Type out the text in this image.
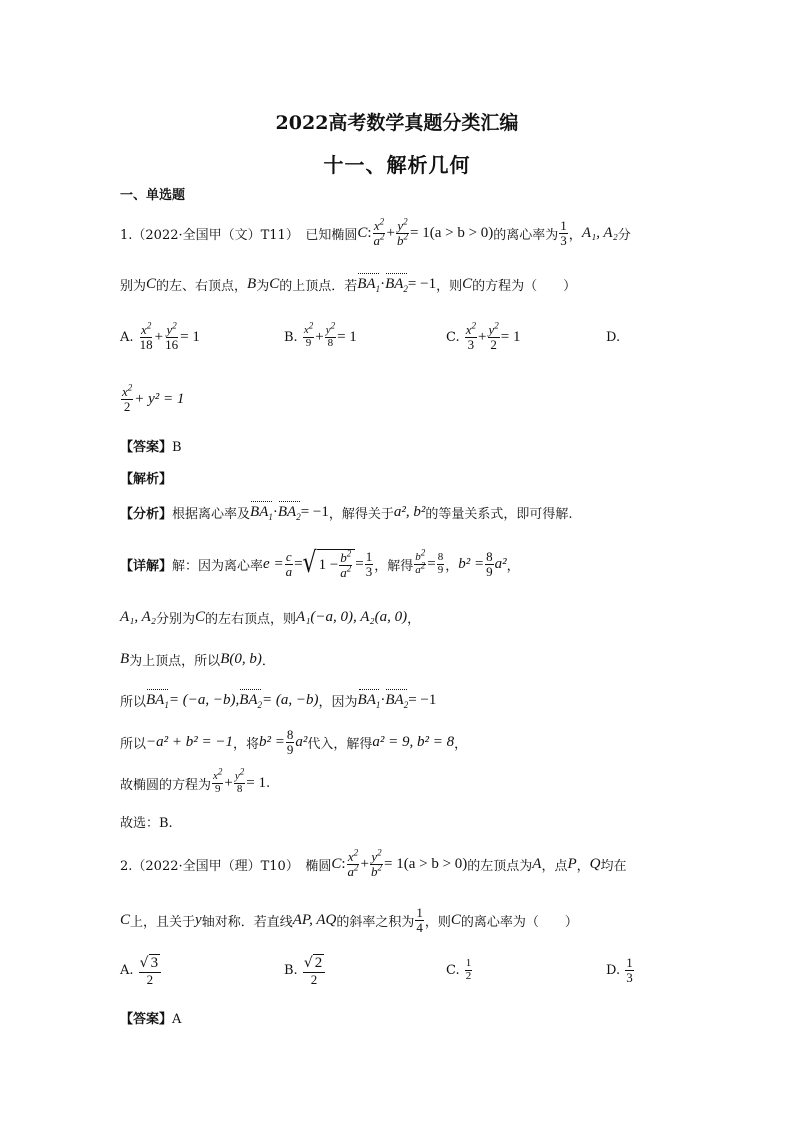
2022高考数学真题分类汇编
十一、解析几何
一、单选题
1.（2022·全国甲（文）T11）　已知椭圆 C : $\frac{x^2}{a^2} + \frac{y^2}{b^2} = 1(a > b > 0)$ 的离心率为 $\frac{1}{3}$ ， A₁, A₂ 分
别为 C 的左、右顶点， B 为 C 的上顶点．若 $BA_1 \cdot BA_2 = -1$ ，则 C 的方程为（　　）
A.
$\frac{x^2}{18} + \frac{y^2}{16} = 1$	B.
$\frac{x^2}{9} + \frac{y^2}{8} = 1$	C.
$\frac{x^2}{3} + \frac{y^2}{2} = 1$	D.
$\frac{x^2}{2} + y^2 = 1$
【答案】B
【解析】
【分析】 根据离心率及 $BA_1 \cdot BA_2 = -1$ ，解得关于 a², b² 的等量关系式，即可得解.
【详解】 解：因为离心率 $e = \frac{c}{a}$ = √ $1 - \frac{b^2}{a^2} = \frac{1}{3}$ ，解得 $\frac{b^2}{a^2} = \frac{8}{9}$ ， $b^2 = \frac{8}{9} a^2$ ，
A₁, A₂ 分别为 C 的左右顶点，则 A₁(−a, 0), A₂(a, 0) ，
B 为上顶点，所以 B(0, b) ．
所以 $BA_1 = (-a$, −b), $BA_2 = (a$, −b) ，因为 $BA_1 \cdot BA_2 = -1$
所以 −a² + b² = −1 ，将 $b^2 = \frac{8}{9} a^2$ 代入，解得 a² = 9, b² = 8 ，
故椭圆的方程为 $\frac{x^2}{9} + \frac{y^2}{8} = 1$ .
故选：B.
2.（2022·全国甲（理）T10）　椭圆 C : $\frac{x^2}{a^2} + \frac{y^2}{b^2} = 1(a > b > 0)$ 的左顶点为 A ，点 P ， Q 均在
C 上，且关于 y 轴对称．若直线 AP, AQ 的斜率之积为 $\frac{1}{4}$ ，则 C 的离心率为（　　）
A.
$\frac{√ 3}{2}$	B.
$\frac{√ 2}{2}$	C.
$\frac{1}{2}$	D.
$\frac{1}{3}$
【答案】A
